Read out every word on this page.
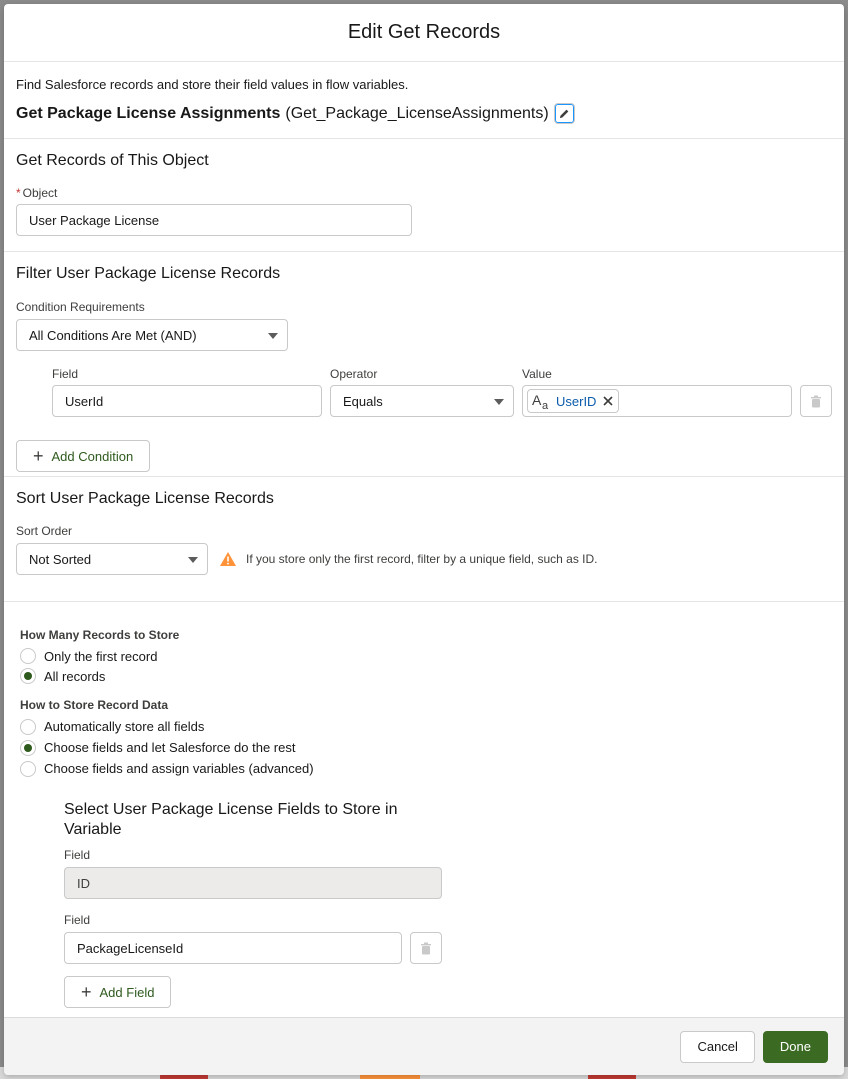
Edit Get Records
Find Salesforce records and store their field values in flow variables.
Get Package License Assignments (Get_Package_LicenseAssignments)
Get Records of This Object
* Object
User Package License
Filter User Package License Records
Condition Requirements
All Conditions Are Met (AND)
Field	Operator	Value
UserId	Equals	A a UserID
+ Add Condition
Sort User Package License Records
Sort Order
Not Sorted	If you store only the first record, filter by a unique field, such as ID.
How Many Records to Store
Only the first record
All records
How to Store Record Data
Automatically store all fields
Choose fields and let Salesforce do the rest
Choose fields and assign variables (advanced)
Select User Package License Fields to Store in Variable
Field
ID
Field
PackageLicenseId
+ Add Field
Cancel	Done
